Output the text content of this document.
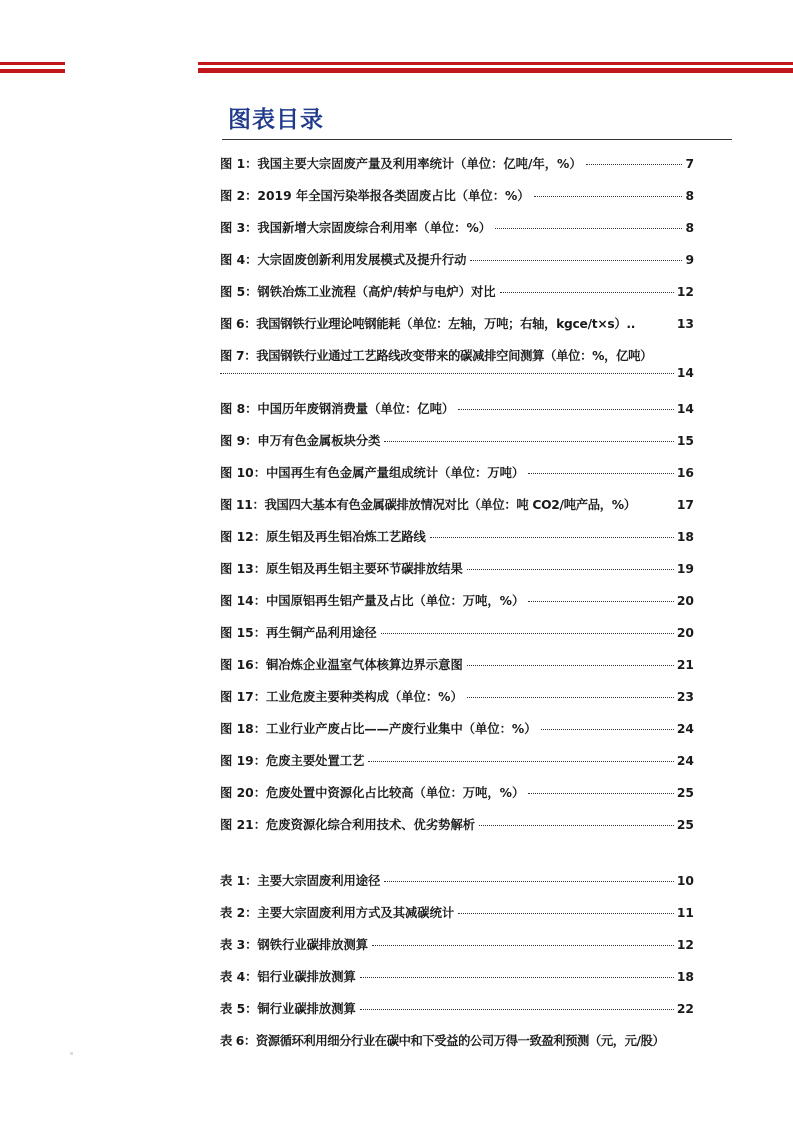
图表目录
图 1：我国主要大宗固废产量及利用率统计（单位：亿吨/年，%）	7
图 2：2019 年全国污染举报各类固废占比（单位：%）	8
图 3：我国新增大宗固废综合利用率（单位：%）	8
图 4：大宗固废创新利用发展模式及提升行动	9
图 5：钢铁冶炼工业流程（高炉/转炉与电炉）对比	12
图 6：我国钢铁行业理论吨钢能耗（单位：左轴，万吨；右轴，kgce/t×s）..	13
图 7：我国钢铁行业通过工艺路线改变带来的碳减排空间测算（单位：%，亿吨）
14
图 8：中国历年废钢消费量（单位：亿吨）	14
图 9：申万有色金属板块分类	15
图 10：中国再生有色金属产量组成统计（单位：万吨）	16
图 11：我国四大基本有色金属碳排放情况对比（单位：吨 CO2/吨产品，%）	17
图 12：原生铝及再生铝冶炼工艺路线	18
图 13：原生铝及再生铝主要环节碳排放结果	19
图 14：中国原铝再生铝产量及占比（单位：万吨，%）	20
图 15：再生铜产品利用途径	20
图 16：铜冶炼企业温室气体核算边界示意图	21
图 17：工业危废主要种类构成（单位：%）	23
图 18：工业行业产废占比——产废行业集中（单位：%）	24
图 19：危废主要处置工艺	24
图 20：危废处置中资源化占比较高（单位：万吨，%）	25
图 21：危废资源化综合利用技术、优劣势解析	25
表 1：主要大宗固废利用途径	10
表 2：主要大宗固废利用方式及其减碳统计	11
表 3：钢铁行业碳排放测算	12
表 4：铝行业碳排放测算	18
表 5：铜行业碳排放测算	22
表 6：资源循环利用细分行业在碳中和下受益的公司万得一致盈利预测（元，元/股）
